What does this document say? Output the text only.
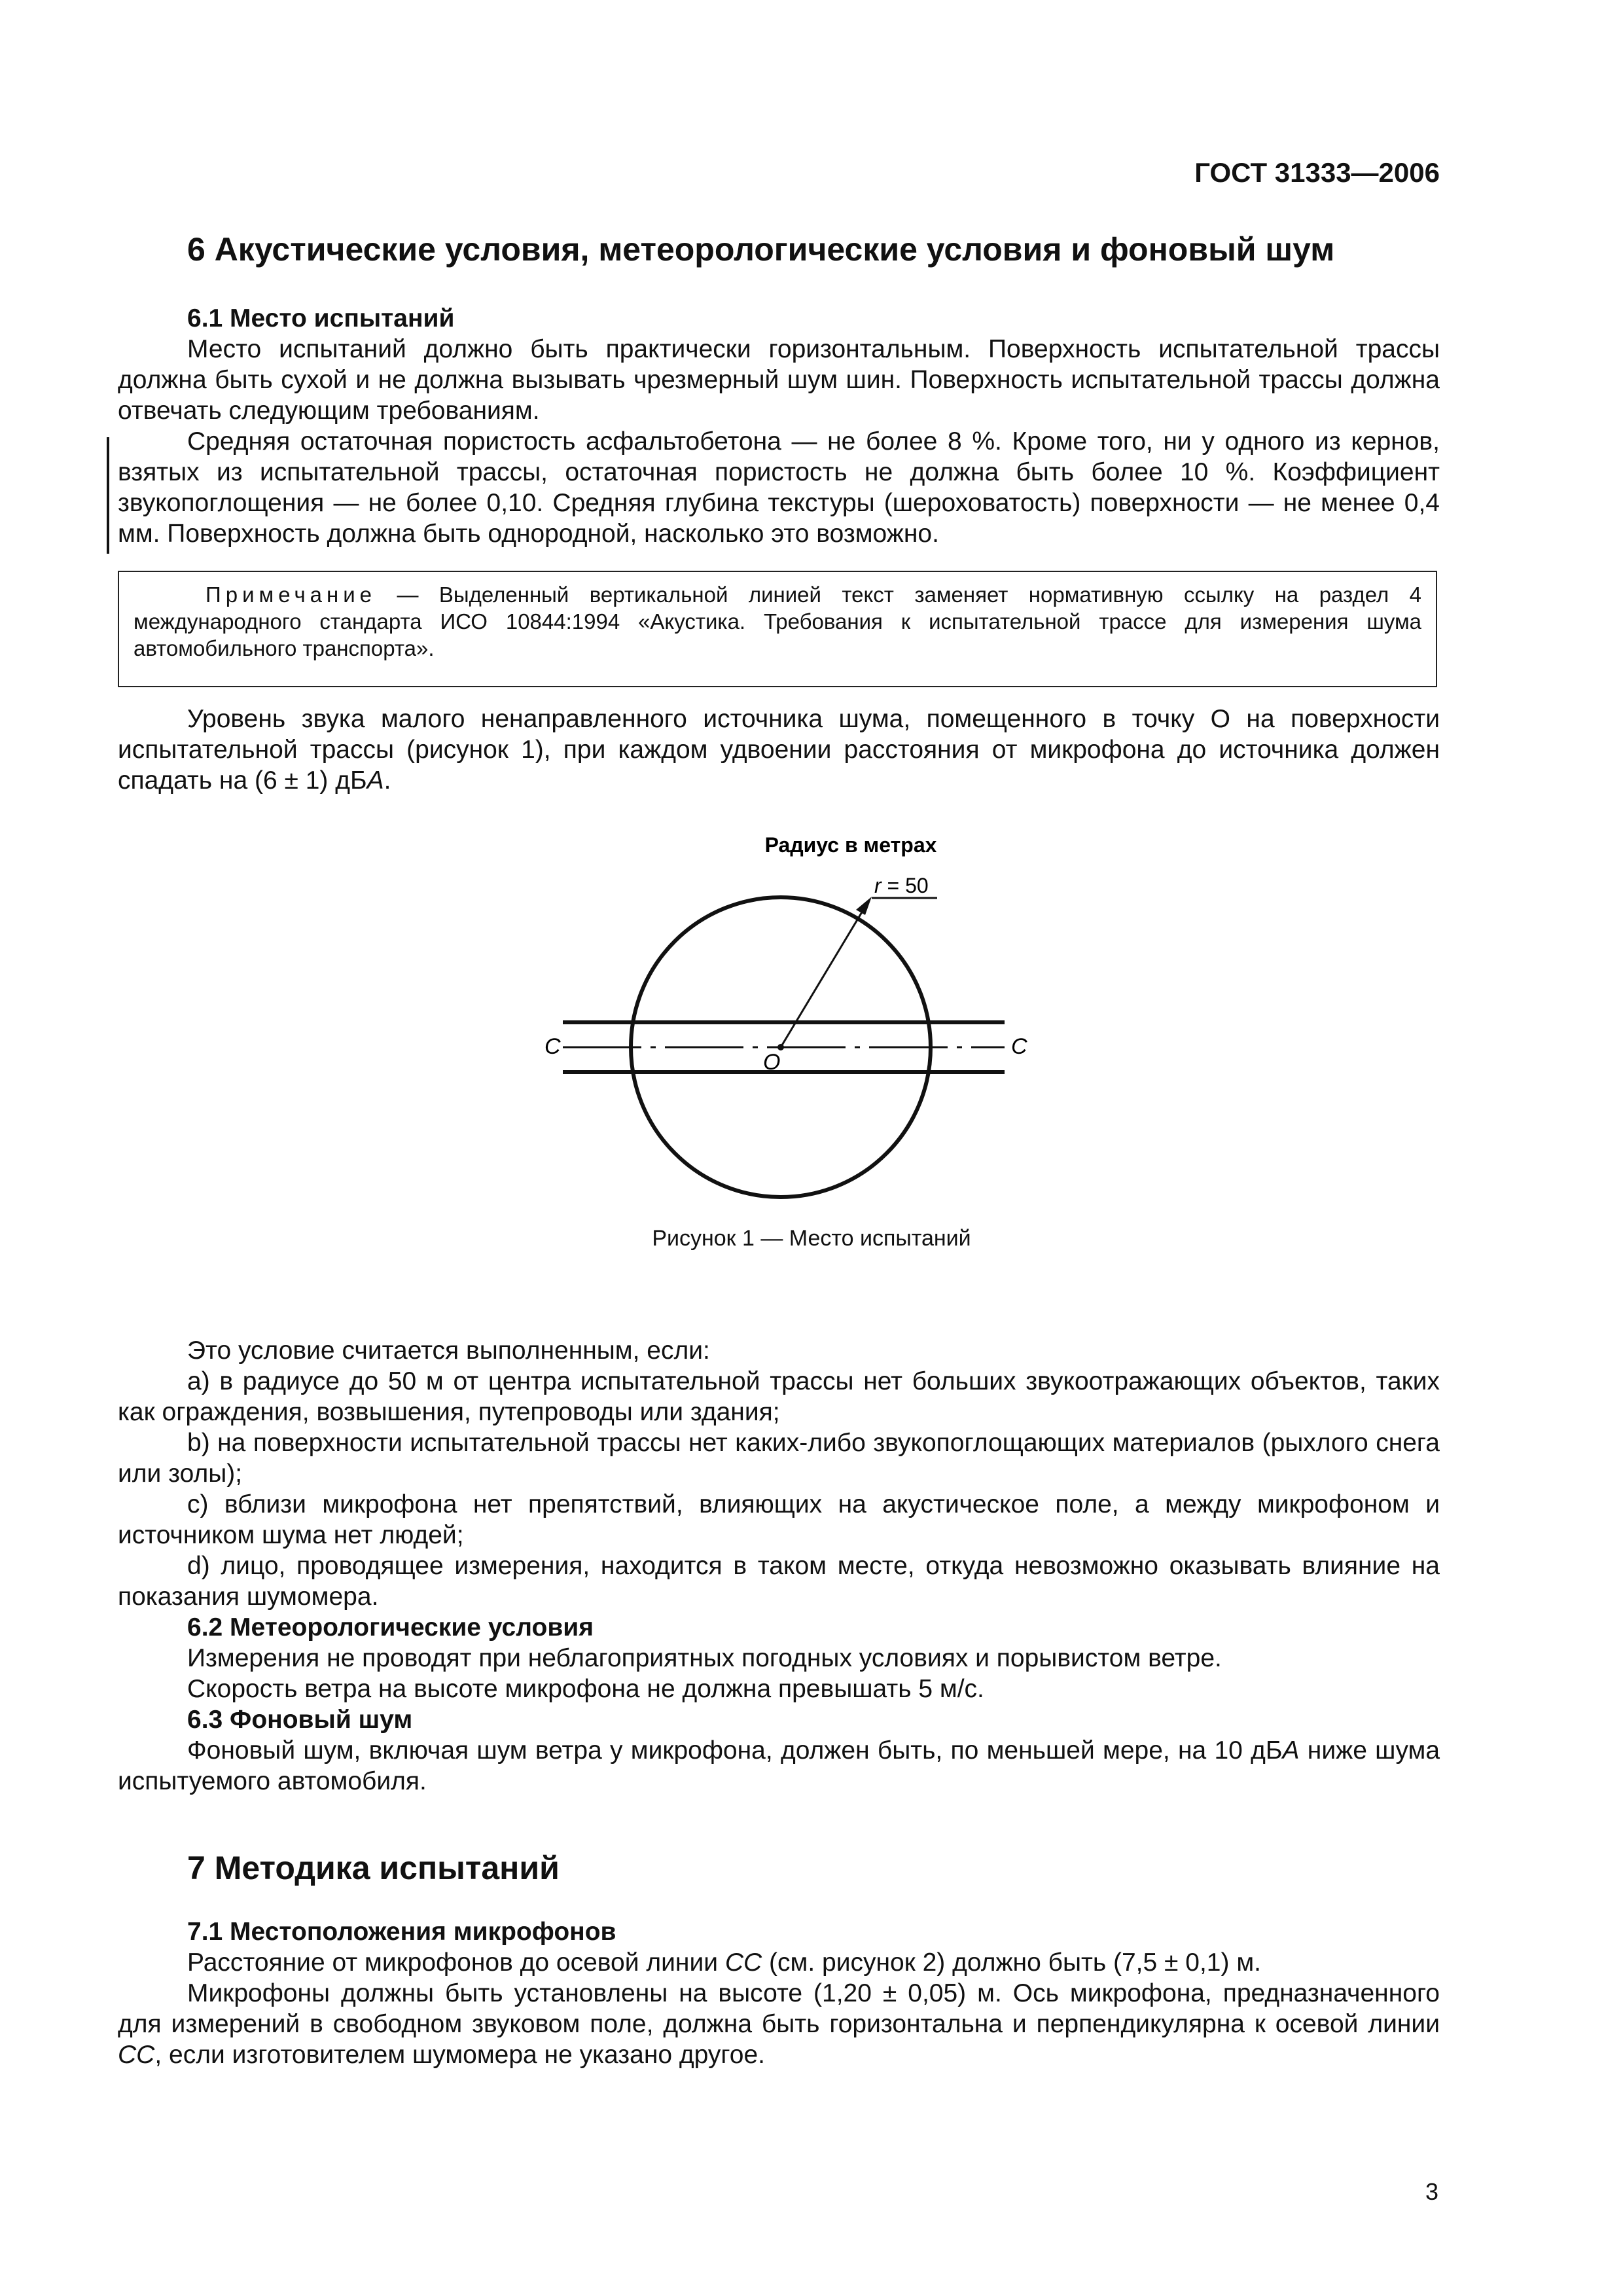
ГОСТ 31333—2006
6 Акустические условия, метеорологические условия и фоновый шум
6.1 Место испытаний

Место испытаний должно быть практически горизонтальным. Поверхность испытательной трассы должна быть сухой и не должна вызывать чрезмерный шум шин. Поверхность испытательной трассы должна отвечать следующим требованиям.

Средняя остаточная пористость асфальтобетона — не более 8 %. Кроме того, ни у одного из кернов, взятых из испытательной трассы, остаточная пористость не должна быть более 10 %. Коэффициент звукопоглощения — не более 0,10. Средняя глубина текстуры (шероховатость) поверхности — не менее 0,4 мм. Поверхность должна быть однородной, насколько это возможно.

Примечание — Выделенный вертикальной линией текст заменяет нормативную ссылку на раздел 4 международного стандарта ИСО 10844:1994 «Акустика. Требования к испытательной трассе для измерения шума автомобильного транспорта».

Уровень звука малого ненаправленного источника шума, помещенного в точку О на поверхности испытательной трассы (рисунок 1), при каждом удвоении расстояния от микрофона до источника должен спадать на (6 ± 1) дБА.

Радиус в метрах
r = 50
C	C
O
Рисунок 1 — Место испытаний

Это условие считается выполненным, если:

а) в радиусе до 50 м от центра испытательной трассы нет больших звукоотражающих объектов, таких как ограждения, возвышения, путепроводы или здания;

b) на поверхности испытательной трассы нет каких-либо звукопоглощающих материалов (рыхлого снега или золы);

с) вблизи микрофона нет препятствий, влияющих на акустическое поле, а между микрофоном и источником шума нет людей;

d) лицо, проводящее измерения, находится в таком месте, откуда невозможно оказывать влияние на показания шумомера.

6.2 Метеорологические условия

Измерения не проводят при неблагоприятных погодных условиях и порывистом ветре.

Скорость ветра на высоте микрофона не должна превышать 5 м/с.

6.3 Фоновый шум

Фоновый шум, включая шум ветра у микрофона, должен быть, по меньшей мере, на 10 дБА ниже шума испытуемого автомобиля.

7 Методика испытаний
7.1 Местоположения микрофонов

Расстояние от микрофонов до осевой линии СС (см. рисунок 2) должно быть (7,5 ± 0,1) м.

Микрофоны должны быть установлены на высоте (1,20 ± 0,05) м. Ось микрофона, предназначенного для измерений в свободном звуковом поле, должна быть горизонтальна и перпендикулярна к осевой линии СС, если изготовителем шумомера не указано другое.

3
